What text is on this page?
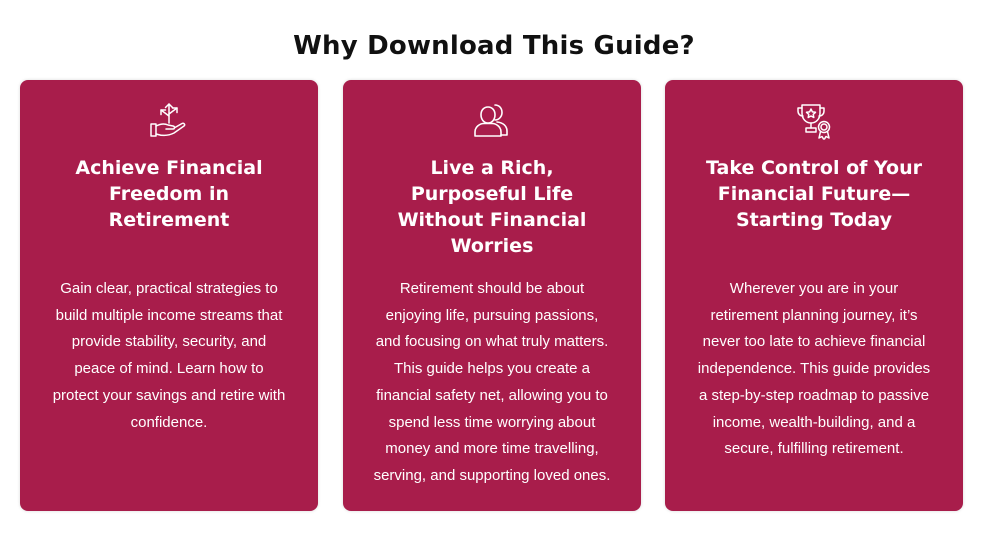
Why Download This Guide?
Achieve Financial Freedom in Retirement

Gain clear, practical strategies to build multiple income streams that provide stability, security, and peace of mind. Learn how to protect your savings and retire with confidence.

Live a Rich, Purposeful Life Without Financial Worries

Retirement should be about enjoying life, pursuing passions, and focusing on what truly matters. This guide helps you create a financial safety net, allowing you to spend less time worrying about money and more time travelling, serving, and supporting loved ones.

Take Control of Your Financial Future—Starting Today

Wherever you are in your retirement planning journey, it’s never too late to achieve financial independence. This guide provides a step-by-step roadmap to passive income, wealth-building, and a secure, fulfilling retirement.
